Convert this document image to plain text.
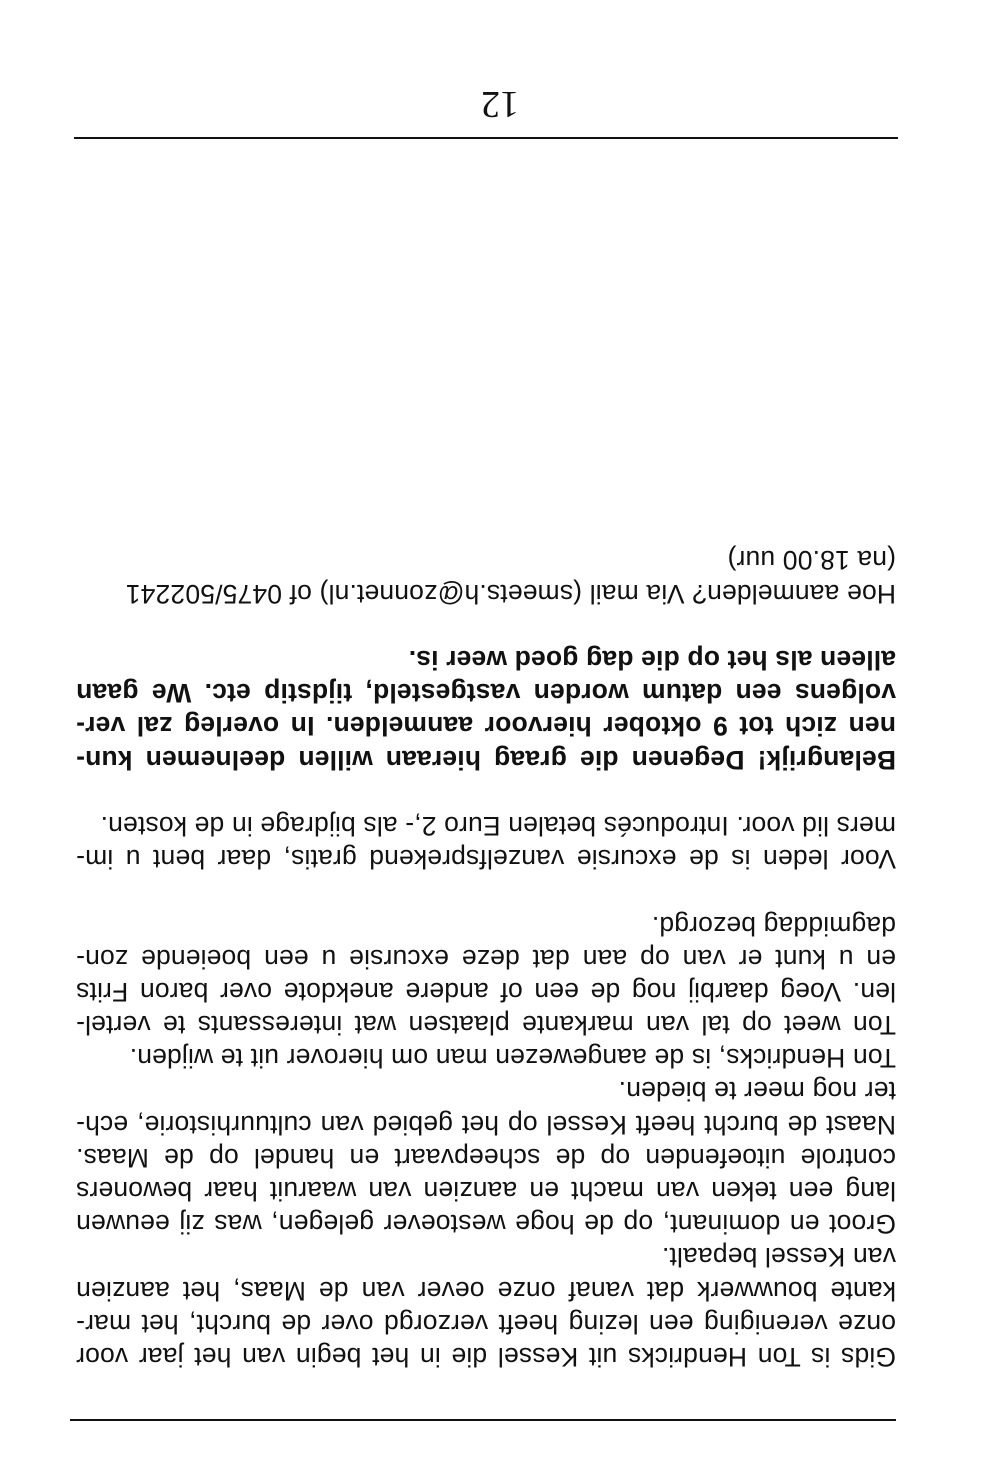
Gids is Ton Hendricks uit Kessel die in het begin van het jaar voor
onze vereniging een lezing heeft verzorgd over de burcht, het mar-
kante bouwwerk dat vanaf onze oever van de Maas, het aanzien
van Kessel bepaalt.
Groot en dominant, op de hoge westoever gelegen, was zij eeuwen
lang een teken van macht en aanzien van waaruit haar bewoners
controle uitoefenden op de scheepvaart en handel op de Maas.
Naast de burcht heeft Kessel op het gebied van cultuurhistorie, ech-
ter nog meer te bieden.
Ton Hendricks, is de aangewezen man om hierover uit te wijden.
Ton weet op tal van markante plaatsen wat interessants te vertel-
len. Voeg daarbij nog de een of andere anekdote over baron Frits
en u kunt er van op aan dat deze excursie u een boeiende zon-
dagmiddag bezorgd.
Voor leden is de excursie vanzelfsprekend gratis, daar bent u im-
mers lid voor. Introducés betalen Euro 2,- als bijdrage in de kosten.
Belangrijk! Degenen die graag hieraan willen deelnemen kun-
nen zich tot 9 oktober hiervoor aanmelden. In overleg zal ver-
volgens een datum worden vastgesteld, tijdstip etc. We gaan
alleen als het op die dag goed weer is.
Hoe aanmelden? Via mail (smeets.h@zonnet.nl) of 0475/502241
(na 18.00 uur)
12
